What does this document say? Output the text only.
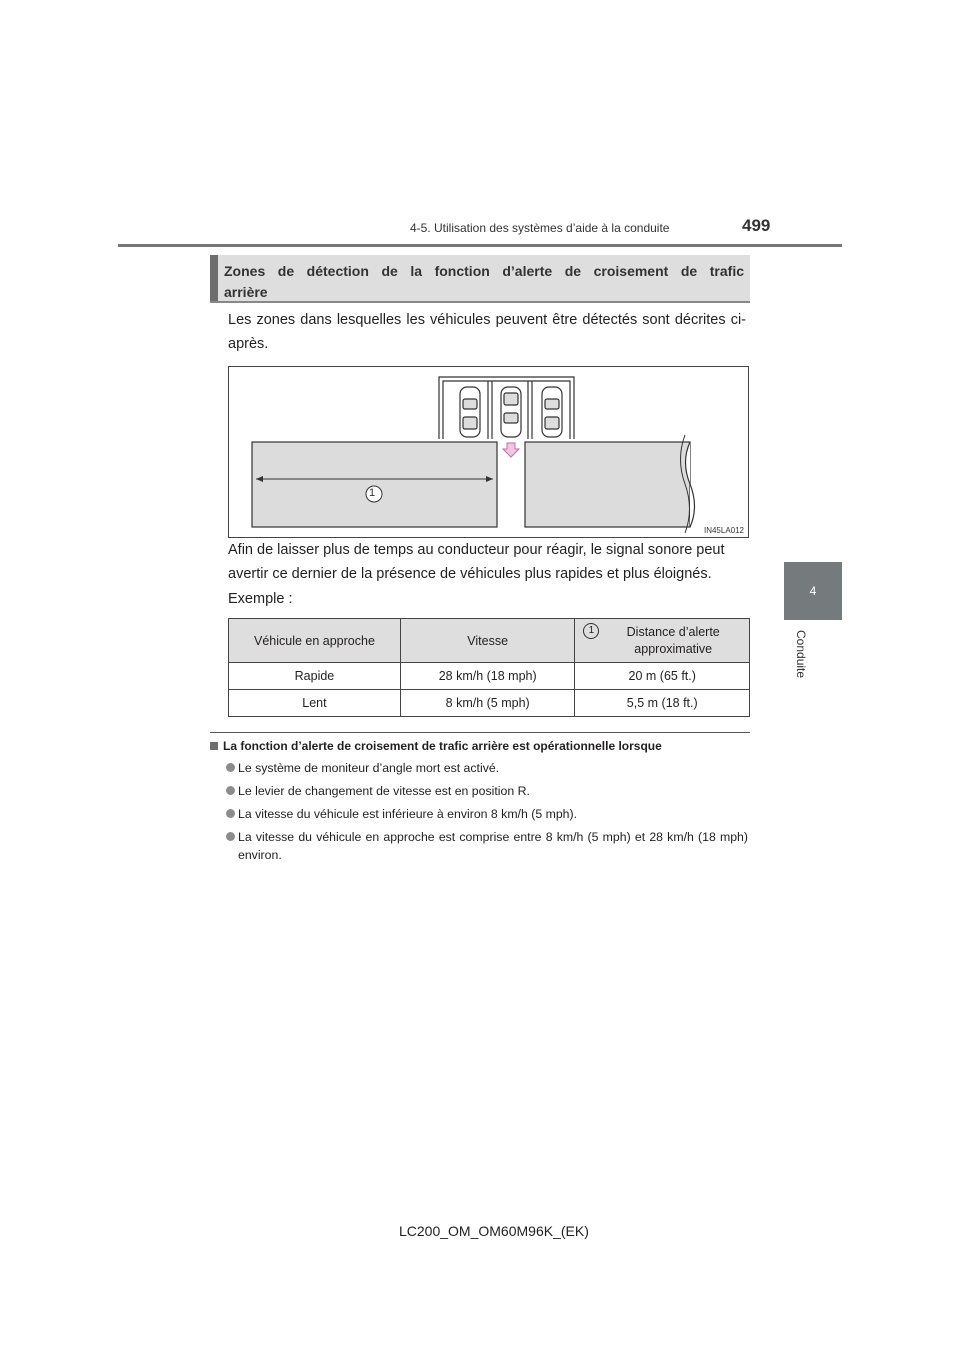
4-5. Utilisation des systèmes d’aide à la conduite	499
4
Conduite
Zones de détection de la fonction d’alerte de croisement de trafic
arrière
Les zones dans lesquelles les véhicules peuvent être détectés sont décrites ci-après.
1
IN45LA012
Afin de laisser plus de temps au conducteur pour réagir, le signal sonore peut avertir ce dernier de la présence de véhicules plus rapides et plus éloignés.
Exemple :
Véhicule en approche	Vitesse	1 Distance d’alerte approximative
Rapide	28 km/h (18 mph)	20 m (65 ft.)
Lent	8 km/h (5 mph)	5,5 m (18 ft.)
La fonction d’alerte de croisement de trafic arrière est opérationnelle lorsque
Le système de moniteur d’angle mort est activé.
Le levier de changement de vitesse est en position R.
La vitesse du véhicule est inférieure à environ 8 km/h (5 mph).
La vitesse du véhicule en approche est comprise entre 8 km/h (5 mph) et 28 km/h (18 mph) environ.
LC200_OM_OM60M96K_(EK)
